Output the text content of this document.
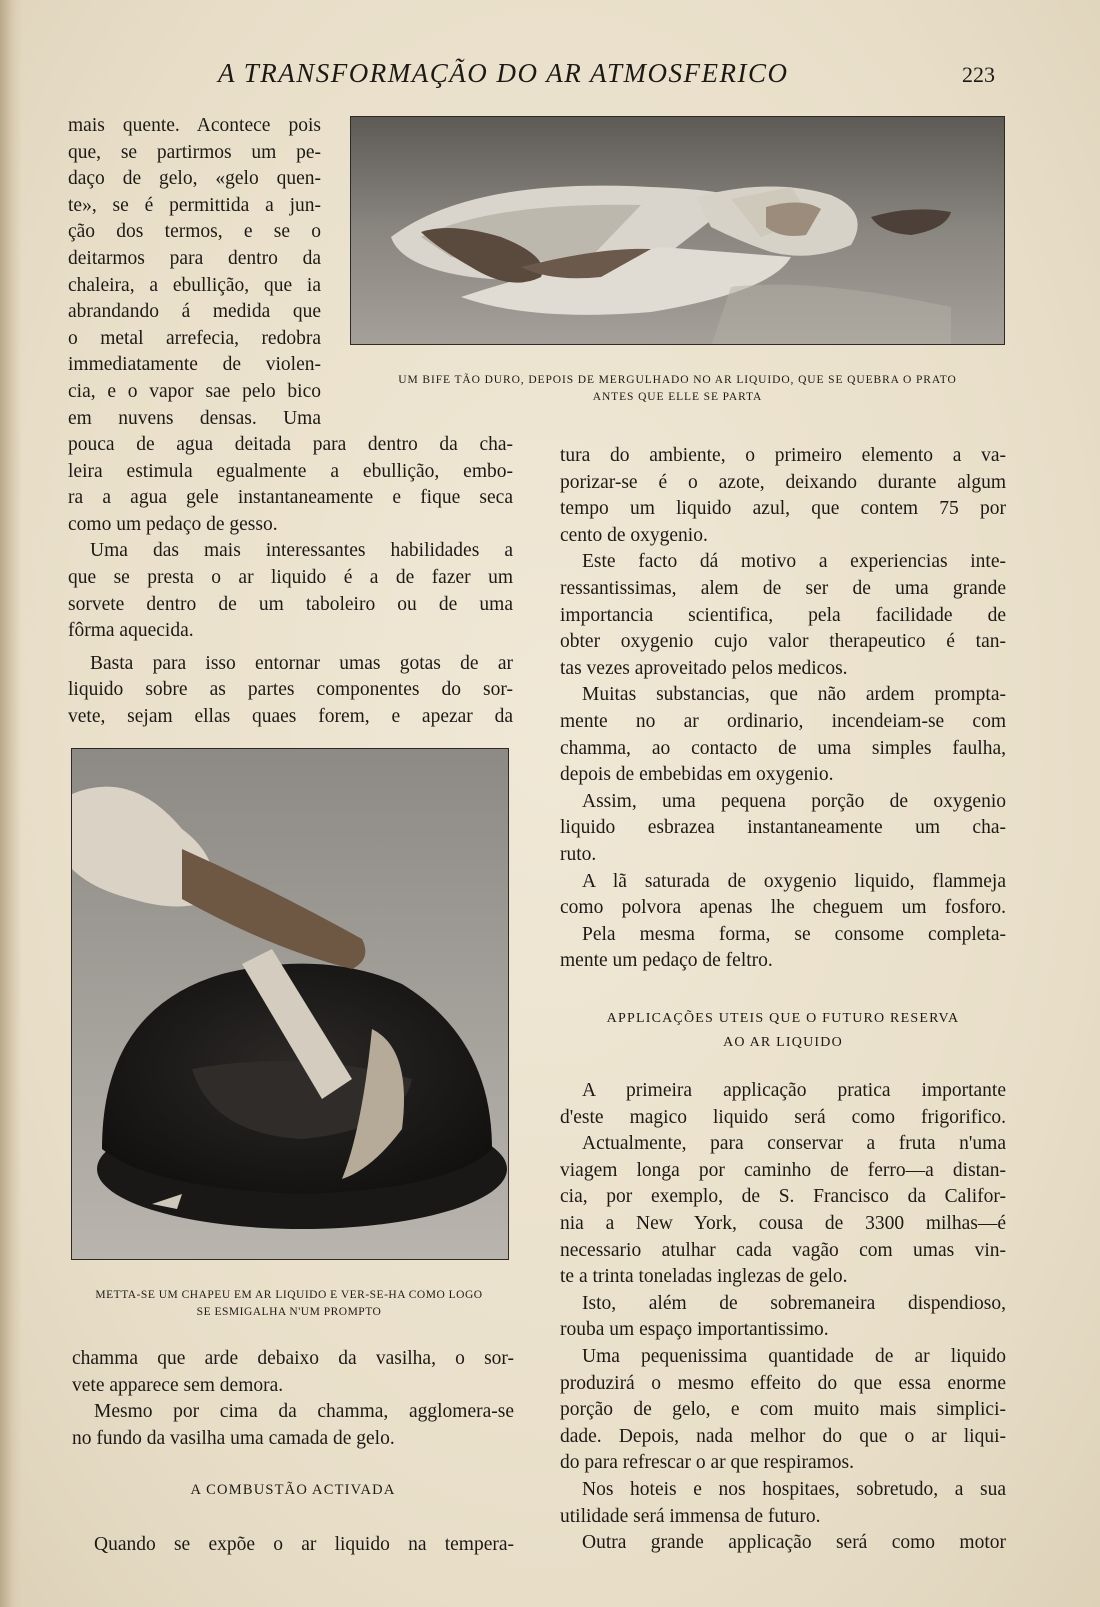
A TRANSFORMAÇÃO DO AR ATMOSFERICO	223
UM BIFE TÃO DURO, DEPOIS DE MERGULHADO NO AR LIQUIDO, QUE SE QUEBRA O PRATO
ANTES QUE ELLE SE PARTA

mais quente. Acontece pois

que, se partirmos um pe-

daço de gelo, «gelo quen-

te», se é permittida a jun-

ção dos termos, e se o

deitarmos para dentro da

chaleira, a ebullição, que ia

abrandando á medida que

o metal arrefecia, redobra

immediatamente de violen-

cia, e o vapor sae pelo bico

em nuvens densas. Uma

pouca de agua deitada para dentro da cha-

leira estimula egualmente a ebullição, embo-

ra a agua gele instantaneamente e fique seca

como um pedaço de gesso.

Uma das mais interessantes habilidades a

que se presta o ar liquido é a de fazer um

sorvete dentro de um taboleiro ou de uma

fôrma aquecida.

Basta para isso entornar umas gotas de ar

liquido sobre as partes componentes do sor-

vete, sejam ellas quaes forem, e apezar da

METTA-SE UM CHAPEU EM AR LIQUIDO E VER-SE-HA COMO LOGO
SE ESMIGALHA N'UM PROMPTO

chamma que arde debaixo da vasilha, o sor-

vete apparece sem demora.

Mesmo por cima da chamma, agglomera-se

no fundo da vasilha uma camada de gelo.

A COMBUSTÃO ACTIVADA

Quando se expõe o ar liquido na tempera-

tura do ambiente, o primeiro elemento a va-

porizar-se é o azote, deixando durante algum

tempo um liquido azul, que contem 75 por

cento de oxygenio.

Este facto dá motivo a experiencias inte-

ressantissimas, alem de ser de uma grande

importancia scientifica, pela facilidade de

obter oxygenio cujo valor therapeutico é tan-

tas vezes aproveitado pelos medicos.

Muitas substancias, que não ardem prompta-

mente no ar ordinario, incendeiam-se com

chamma, ao contacto de uma simples faulha,

depois de embebidas em oxygenio.

Assim, uma pequena porção de oxygenio

liquido esbrazea instantaneamente um cha-

ruto.

A lã saturada de oxygenio liquido, flammeja

como polvora apenas lhe cheguem um fosforo.

Pela mesma forma, se consome completa-

mente um pedaço de feltro.

APPLICAÇÕES UTEIS QUE O FUTURO RESERVA
AO AR LIQUIDO

A primeira applicação pratica importante

d'este magico liquido será como frigorifico.

Actualmente, para conservar a fruta n'uma

viagem longa por caminho de ferro—a distan-

cia, por exemplo, de S. Francisco da Califor-

nia a New York, cousa de 3300 milhas—é

necessario atulhar cada vagão com umas vin-

te a trinta toneladas inglezas de gelo.

Isto, além de sobremaneira dispendioso,

rouba um espaço importantissimo.

Uma pequenissima quantidade de ar liquido

produzirá o mesmo effeito do que essa enorme

porção de gelo, e com muito mais simplici-

dade. Depois, nada melhor do que o ar liqui-

do para refrescar o ar que respiramos.

Nos hoteis e nos hospitaes, sobretudo, a sua

utilidade será immensa de futuro.

Outra grande applicação será como motor
